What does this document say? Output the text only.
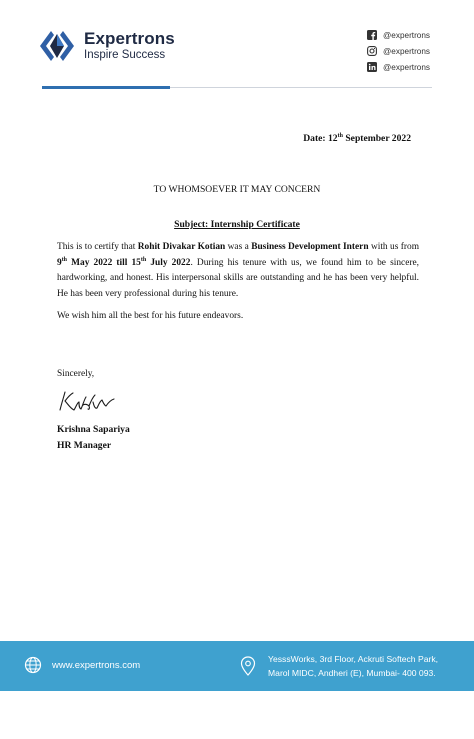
Expertrons
Inspire Success
@expertrons
@expertrons
@expertrons
Date: 12th September 2022
TO WHOMSOEVER IT MAY CONCERN
Subject: Internship Certificate

This is to certify that Rohit Divakar Kotian was a Business Development Intern with us from 9th May 2022 till 15th July 2022. During his tenure with us, we found him to be sincere, hardworking, and honest. His interpersonal skills are outstanding and he has been very helpful. He has been very professional during his tenure.

We wish him all the best for his future endeavors.

Sincerely,
Krishna Sapariya
HR Manager
www.expertrons.com
YesssWorks, 3rd Floor, Ackruti Softech Park,
Marol MIDC, Andheri (E), Mumbai- 400 093.
